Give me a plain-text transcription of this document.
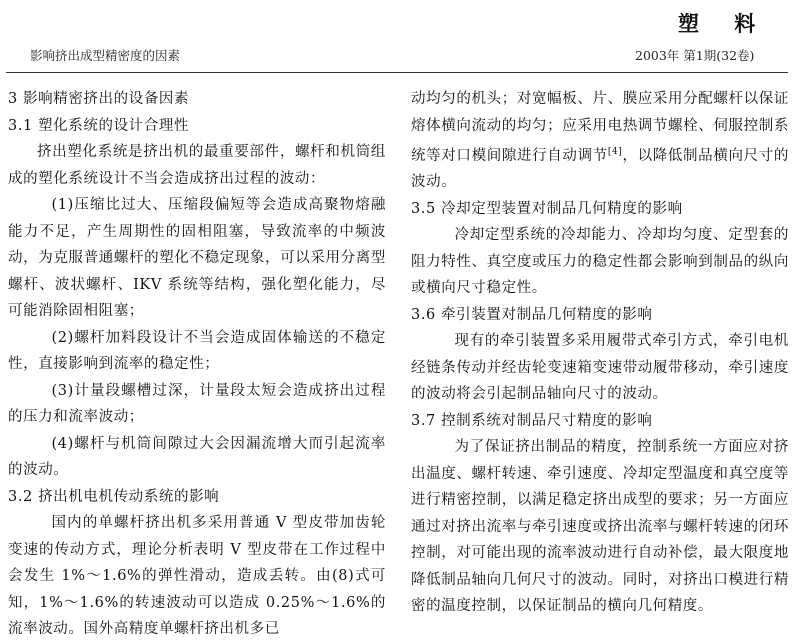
影响挤出成型精密度的因素
塑 料
2003年 第1期(32卷)

3 影响精密挤出的设备因素

3.1 塑化系统的设计合理性

挤出塑化系统是挤出机的最重要部件，螺杆和机筒组成的塑化系统设计不当会造成挤出过程的波动：

(1)压缩比过大、压缩段偏短等会造成高聚物熔融能力不足，产生周期性的固相阻塞，导致流率的中频波动，为克服普通螺杆的塑化不稳定现象，可以采用分离型螺杆、波状螺杆、IKV 系统等结构，强化塑化能力，尽可能消除固相阻塞；

(2)螺杆加料段设计不当会造成固体输送的不稳定性，直接影响到流率的稳定性；

(3)计量段螺槽过深，计量段太短会造成挤出过程的压力和流率波动；

(4)螺杆与机筒间隙过大会因漏流增大而引起流率的波动。

3.2 挤出机电机传动系统的影响

国内的单螺杆挤出机多采用普通 V 型皮带加齿轮变速的传动方式，理论分析表明 V 型皮带在工作过程中会发生 1%～1.6%的弹性滑动，造成丢转。由(8)式可知，1%～1.6%的转速波动可以造成 0.25%～1.6%的流率波动。国外高精度单螺杆挤出机多已

动均匀的机头；对宽幅板、片、膜应采用分配螺杆以保证熔体横向流动的均匀；应采用电热调节螺栓、伺服控制系统等对口模间隙进行自动调节[4]，以降低制品横向尺寸的波动。

3.5 冷却定型装置对制品几何精度的影响

冷却定型系统的冷却能力、冷却均匀度、定型套的阻力特性、真空度或压力的稳定性都会影响到制品的纵向或横向尺寸稳定性。

3.6 牵引装置对制品几何精度的影响

现有的牵引装置多采用履带式牵引方式，牵引电机经链条传动并经齿轮变速箱变速带动履带移动，牵引速度的波动将会引起制品轴向尺寸的波动。

3.7 控制系统对制品尺寸精度的影响

为了保证挤出制品的精度，控制系统一方面应对挤出温度、螺杆转速、牵引速度、冷却定型温度和真空度等进行精密控制，以满足稳定挤出成型的要求；另一方面应通过对挤出流率与牵引速度或挤出流率与螺杆转速的闭环控制，对可能出现的流率波动进行自动补偿，最大限度地降低制品轴向几何尺寸的波动。同时，对挤出口模进行精密的温度控制，以保证制品的横向几何精度。
